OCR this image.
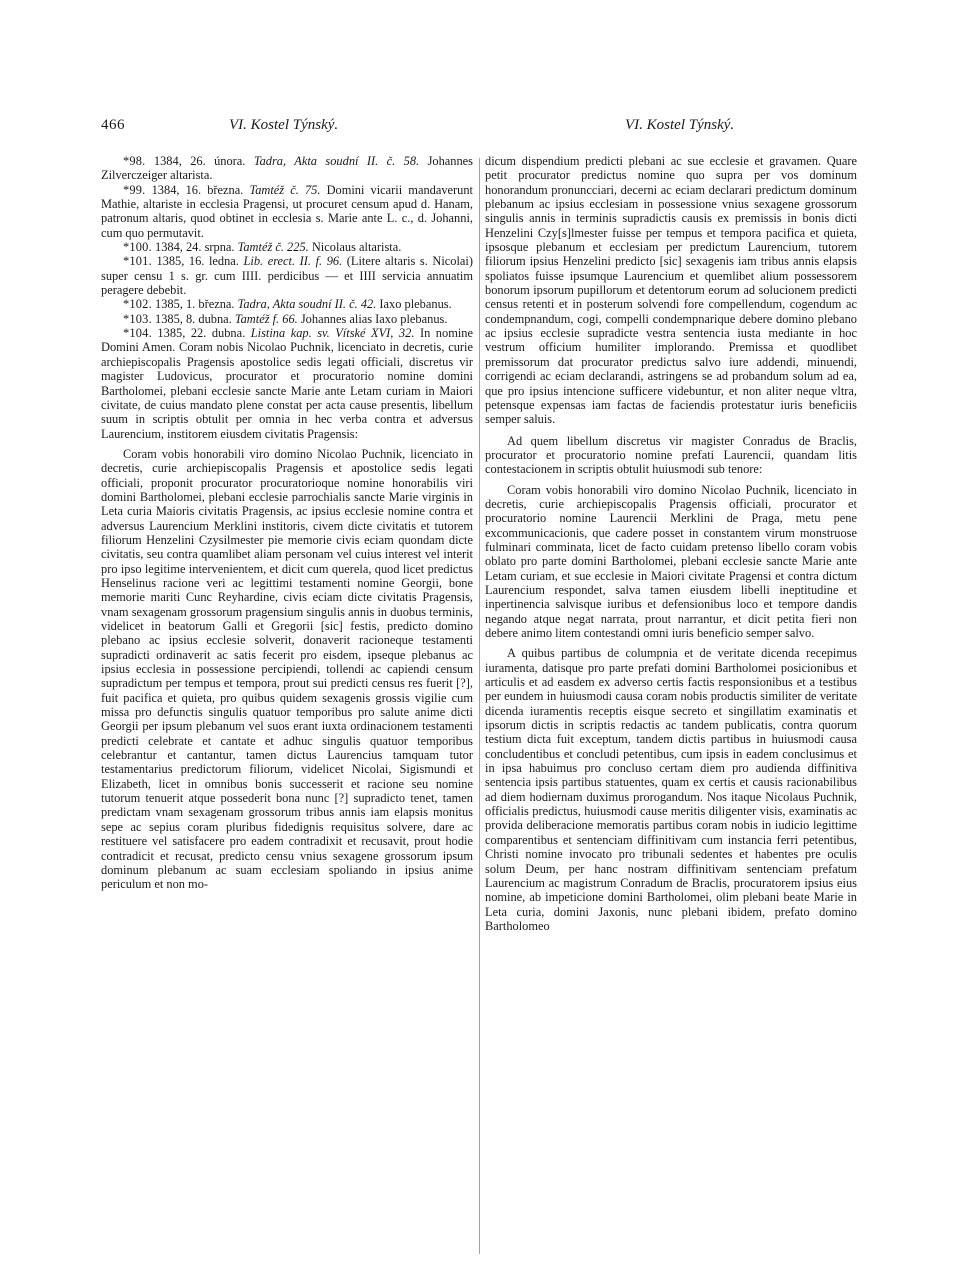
466	VI. Kostel Týnský.	VI. Kostel Týnský.

*98. 1384, 26. února. Tadra, Akta soudní II. č. 58. Johannes Zilverczeiger altarista.

*99. 1384, 16. března. Tamtéž č. 75. Domini vicarii mandaverunt Mathie, altariste in ecclesia Pragensi, ut procuret censum apud d. Hanam, patronum altaris, quod obtinet in ecclesia s. Marie ante L. c., d. Johanni, cum quo permutavit.

*100. 1384, 24. srpna. Tamtéž č. 225. Nicolaus altarista.

*101. 1385, 16. ledna. Lib. erect. II. f. 96. (Litere altaris s. Nicolai) super censu 1 s. gr. cum IIII. perdicibus — et IIII servicia annuatim peragere debebit.

*102. 1385, 1. března. Tadra, Akta soudní II. č. 42. Iaxo plebanus.

*103. 1385, 8. dubna. Tamtéž f. 66. Johannes alias Iaxo plebanus.

*104. 1385, 22. dubna. Listina kap. sv. Vítské XVI, 32. In nomine Domini Amen. Coram nobis Nicolao Puchnik, licenciato in decretis, curie archiepiscopalis Pragensis apostolice sedis legati officiali, discretus vir magister Ludovicus, procurator et procuratorio nomine domini Bartholomei, plebani ecclesie sancte Marie ante Letam curiam in Maiori civitate, de cuius mandato plene constat per acta cause presentis, libellum suum in scriptis obtulit per omnia in hec verba contra et adversus Laurencium, institorem eiusdem civitatis Pragensis:

Coram vobis honorabili viro domino Nicolao Puchnik, licenciato in decretis, curie archiepiscopalis Pragensis et apostolice sedis legati officiali, proponit procurator procuratorioque nomine honorabilis viri domini Bartholomei, plebani ecclesie parrochialis sancte Marie virginis in Leta curia Maioris civitatis Pragensis, ac ipsius ecclesie nomine contra et adversus Laurencium Merklini institoris, civem dicte civitatis et tutorem filiorum Henzelini Czysilmester pie memorie civis eciam quondam dicte civitatis, seu contra quamlibet aliam personam vel cuius interest vel interit pro ipso legitime intervenientem, et dicit cum querela, quod licet predictus Henselinus racione veri ac legittimi testamenti nomine Georgii, bone memorie mariti Cunc Reyhardine, civis eciam dicte civitatis Pragensis, vnam sexagenam grossorum pragensium singulis annis in duobus terminis, videlicet in beatorum Galli et Gregorii [sic] festis, predicto domino plebano ac ipsius ecclesie solverit, donaverit racioneque testamenti supradicti ordinaverit ac satis fecerit pro eisdem, ipseque plebanus ac ipsius ecclesia in possessione percipiendi, tollendi ac capiendi censum supradictum per tempus et tempora, prout sui predicti census res fuerit [?], fuit pacifica et quieta, pro quibus quidem sexagenis grossis vigilie cum missa pro defunctis singulis quatuor temporibus pro salute anime dicti Georgii per ipsum plebanum vel suos erant iuxta ordinacionem testamenti predicti celebrate et cantate et adhuc singulis quatuor temporibus celebrantur et cantantur, tamen dictus Laurencius tamquam tutor testamentarius predictorum filiorum, videlicet Nicolai, Sigismundi et Elizabeth, licet in omnibus bonis successerit et racione seu nomine tutorum tenuerit atque possederit bona nunc [?] supradicto tenet, tamen predictam vnam sexagenam grossorum tribus annis iam elapsis monitus sepe ac sepius coram pluribus fidedignis requisitus solvere, dare ac restituere vel satisfacere pro eadem contradixit et recusavit, prout hodie contradicit et recusat, predicto censu vnius sexagene grossorum ipsum dominum plebanum ac suam ecclesiam spoliando in ipsius anime periculum et non mo-

dicum dispendium predicti plebani ac sue ecclesie et gravamen. Quare petit procurator predictus nomine quo supra per vos dominum honorandum pronuncciari, decerni ac eciam declarari predictum dominum plebanum ac ipsius ecclesiam in possessione vnius sexagene grossorum singulis annis in terminis supradictis causis ex premissis in bonis dicti Henzelini Czy[s]lmester fuisse per tempus et tempora pacifica et quieta, ipsosque plebanum et ecclesiam per predictum Laurencium, tutorem filiorum ipsius Henzelini predicto [sic] sexagenis iam tribus annis elapsis spoliatos fuisse ipsumque Laurencium et quemlibet alium possessorem bonorum ipsorum pupillorum et detentorum eorum ad solucionem predicti census retenti et in posterum solvendi fore compellendum, cogendum ac condempnandum, cogi, compelli condempnarique debere domino plebano ac ipsius ecclesie supradicte vestra sentencia iusta mediante in hoc vestrum officium humiliter implorando. Premissa et quodlibet premissorum dat procurator predictus salvo iure addendi, minuendi, corrigendi ac eciam declarandi, astringens se ad probandum solum ad ea, que pro ipsius intencione sufficere videbuntur, et non aliter neque vltra, petensque expensas iam factas de faciendis protestatur iuris beneficiis semper saluis.

Ad quem libellum discretus vir magister Conradus de Braclis, procurator et procuratorio nomine prefati Laurencii, quandam litis contestacionem in scriptis obtulit huiusmodi sub tenore:

Coram vobis honorabili viro domino Nicolao Puchnik, licenciato in decretis, curie archiepiscopalis Pragensis officiali, procurator et procuratorio nomine Laurencii Merklini de Praga, metu pene excommunicacionis, que cadere posset in constantem virum monstruose fulminari comminata, licet de facto cuidam pretenso libello coram vobis oblato pro parte domini Bartholomei, plebani ecclesie sancte Marie ante Letam curiam, et sue ecclesie in Maiori civitate Pragensi et contra dictum Laurencium respondet, salva tamen eiusdem libelli ineptitudine et inpertinencia salvisque iuribus et defensionibus loco et tempore dandis negando atque negat narrata, prout narrantur, et dicit petita fieri non debere animo litem contestandi omni iuris beneficio semper salvo.

A quibus partibus de columpnia et de veritate dicenda recepimus iuramenta, datisque pro parte prefati domini Bartholomei posicionibus et articulis et ad easdem ex adverso certis factis responsionibus et a testibus per eundem in huiusmodi causa coram nobis productis similiter de veritate dicenda iuramentis receptis eisque secreto et singillatim examinatis et ipsorum dictis in scriptis redactis ac tandem publicatis, contra quorum testium dicta fuit exceptum, tandem dictis partibus in huiusmodi causa concludentibus et concludi petentibus, cum ipsis in eadem conclusimus et in ipsa habuimus pro concluso certam diem pro audienda diffinitiva sentencia ipsis partibus statuentes, quam ex certis et causis racionabilibus ad diem hodiernam duximus prorogandum. Nos itaque Nicolaus Puchnik, officialis predictus, huiusmodi cause meritis diligenter visis, examinatis ac provida deliberacione memoratis partibus coram nobis in iudicio legittime comparentibus et sentenciam diffinitivam cum instancia ferri petentibus, Christi nomine invocato pro tribunali sedentes et habentes pre oculis solum Deum, per hanc nostram diffinitivam sentenciam prefatum Laurencium ac magistrum Conradum de Braclis, procuratorem ipsius eius nomine, ab impeticione domini Bartholomei, olim plebani beate Marie in Leta curia, domini Jaxonis, nunc plebani ibidem, prefato domino Bartholomeo
